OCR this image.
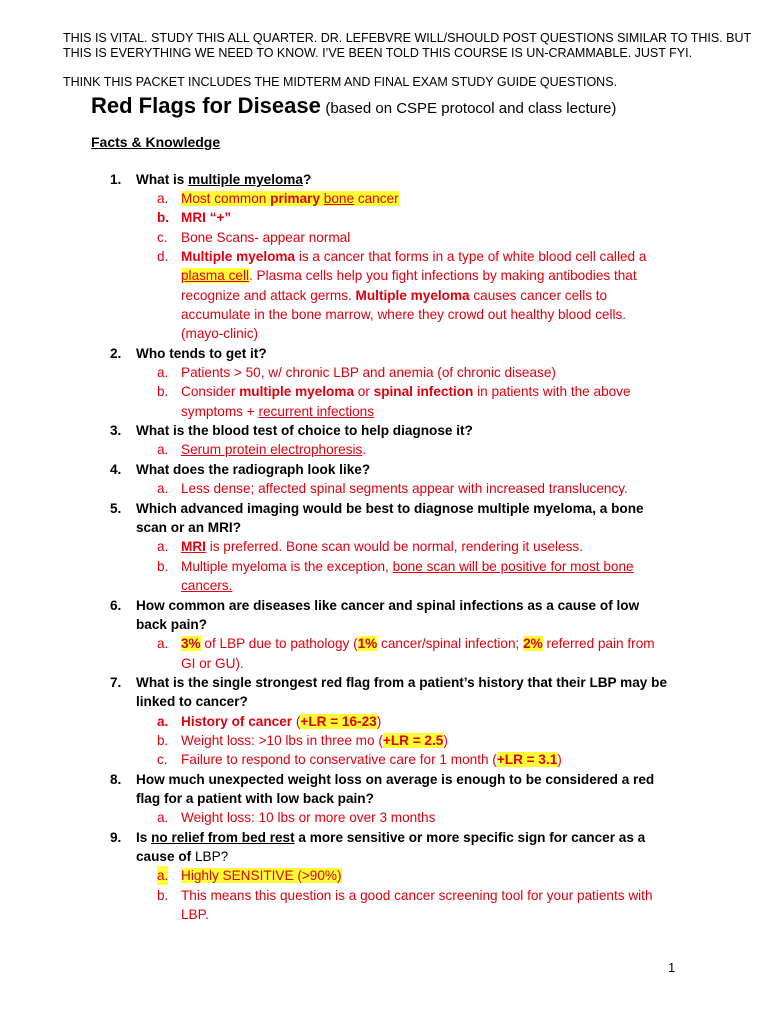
THIS IS VITAL. STUDY THIS ALL QUARTER. DR. LEFEBVRE WILL/SHOULD POST QUESTIONS SIMILAR TO THIS. BUT
THIS IS EVERYTHING WE NEED TO KNOW. I’VE BEEN TOLD THIS COURSE IS UN-CRAMMABLE. JUST FYI.
THINK THIS PACKET INCLUDES THE MIDTERM AND FINAL EXAM STUDY GUIDE QUESTIONS.
Red Flags for Disease (based on CSPE protocol and class lecture)
Facts & Knowledge
1. What is multiple myeloma?
a. Most common primary bone cancer
b. MRI “+”
c. Bone Scans- appear normal
d. Multiple myeloma is a cancer that forms in a type of white blood cell called a
plasma cell. Plasma cells help you fight infections by making antibodies that
recognize and attack germs. Multiple myeloma causes cancer cells to
accumulate in the bone marrow, where they crowd out healthy blood cells.
(mayo-clinic)
2. Who tends to get it?
a. Patients > 50, w/ chronic LBP and anemia (of chronic disease)
b. Consider multiple myeloma or spinal infection in patients with the above
symptoms + recurrent infections
3. What is the blood test of choice to help diagnose it?
a. Serum protein electrophoresis.
4. What does the radiograph look like?
a. Less dense; affected spinal segments appear with increased translucency.
5. Which advanced imaging would be best to diagnose multiple myeloma, a bone
scan or an MRI?
a. MRI is preferred. Bone scan would be normal, rendering it useless.
b. Multiple myeloma is the exception, bone scan will be positive for most bone
cancers.
6. How common are diseases like cancer and spinal infections as a cause of low
back pain?
a. 3% of LBP due to pathology (1% cancer/spinal infection; 2% referred pain from
GI or GU).
7. What is the single strongest red flag from a patient’s history that their LBP may be
linked to cancer?
a. History of cancer (+LR = 16-23)
b. Weight loss: >10 lbs in three mo (+LR = 2.5)
c. Failure to respond to conservative care for 1 month (+LR = 3.1)
8. How much unexpected weight loss on average is enough to be considered a red
flag for a patient with low back pain?
a. Weight loss: 10 lbs or more over 3 months
9. Is no relief from bed rest a more sensitive or more specific sign for cancer as a
cause of LBP?
a. Highly SENSITIVE (>90%)
b. This means this question is a good cancer screening tool for your patients with
LBP.
1
